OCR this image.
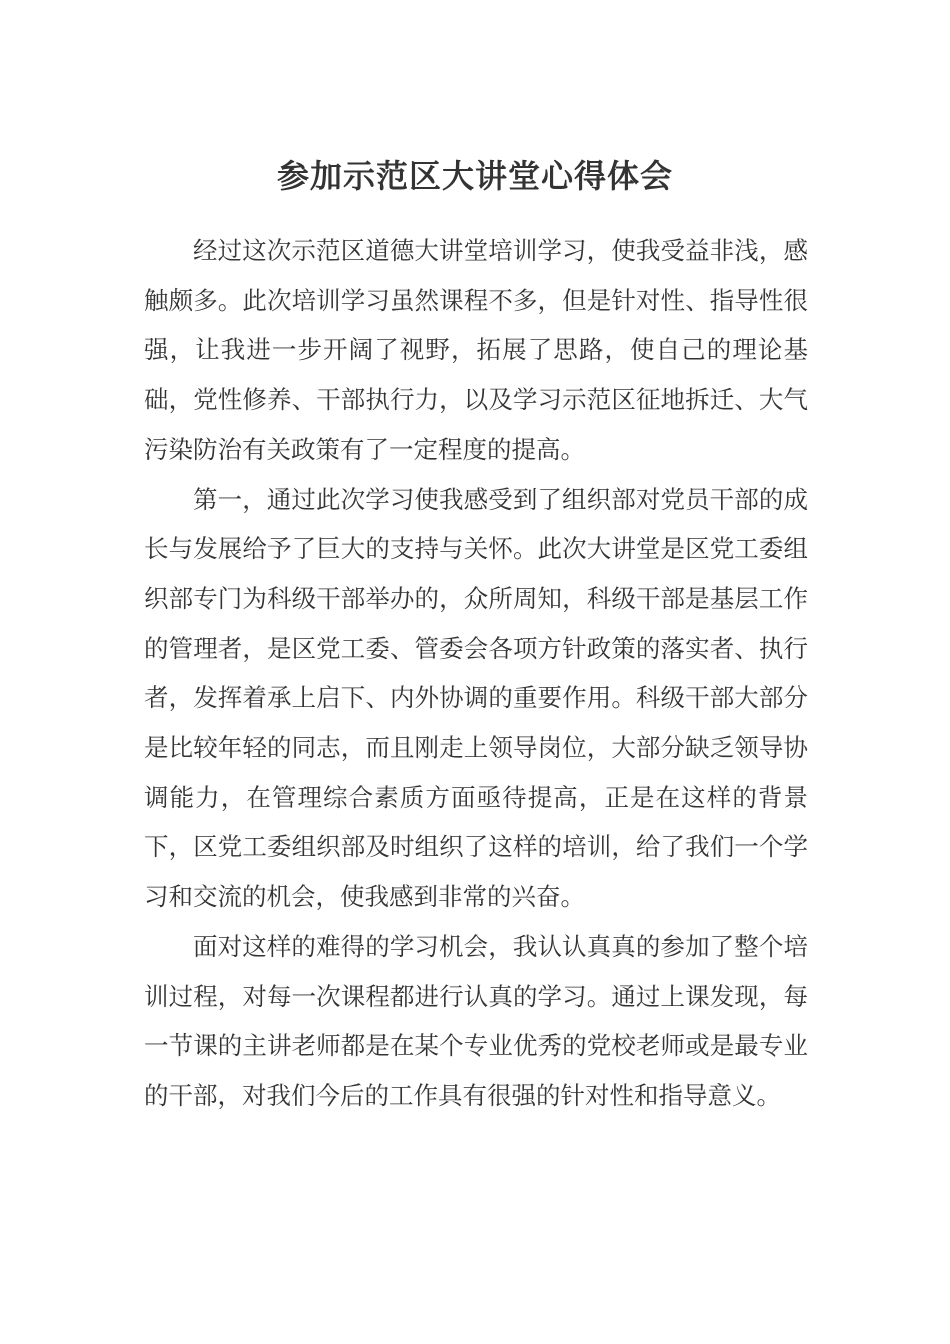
参加示范区大讲堂心得体会

经过这次示范区道德大讲堂培训学习，使我受益非浅，感触颇多。此次培训学习虽然课程不多，但是针对性、指导性很强，让我进一步开阔了视野，拓展了思路，使自己的理论基础，党性修养、干部执行力，以及学习示范区征地拆迁、大气污染防治有关政策有了一定程度的提高。

第一，通过此次学习使我感受到了组织部对党员干部的成长与发展给予了巨大的支持与关怀。此次大讲堂是区党工委组织部专门为科级干部举办的，众所周知，科级干部是基层工作的管理者，是区党工委、管委会各项方针政策的落实者、执行者，发挥着承上启下、内外协调的重要作用。科级干部大部分是比较年轻的同志，而且刚走上领导岗位，大部分缺乏领导协调能力，在管理综合素质方面亟待提高，正是在这样的背景下，区党工委组织部及时组织了这样的培训，给了我们一个学习和交流的机会，使我感到非常的兴奋。

面对这样的难得的学习机会，我认认真真的参加了整个培训过程，对每一次课程都进行认真的学习。通过上课发现，每一节课的主讲老师都是在某个专业优秀的党校老师或是最专业的干部，对我们今后的工作具有很强的针对性和指导意义。
